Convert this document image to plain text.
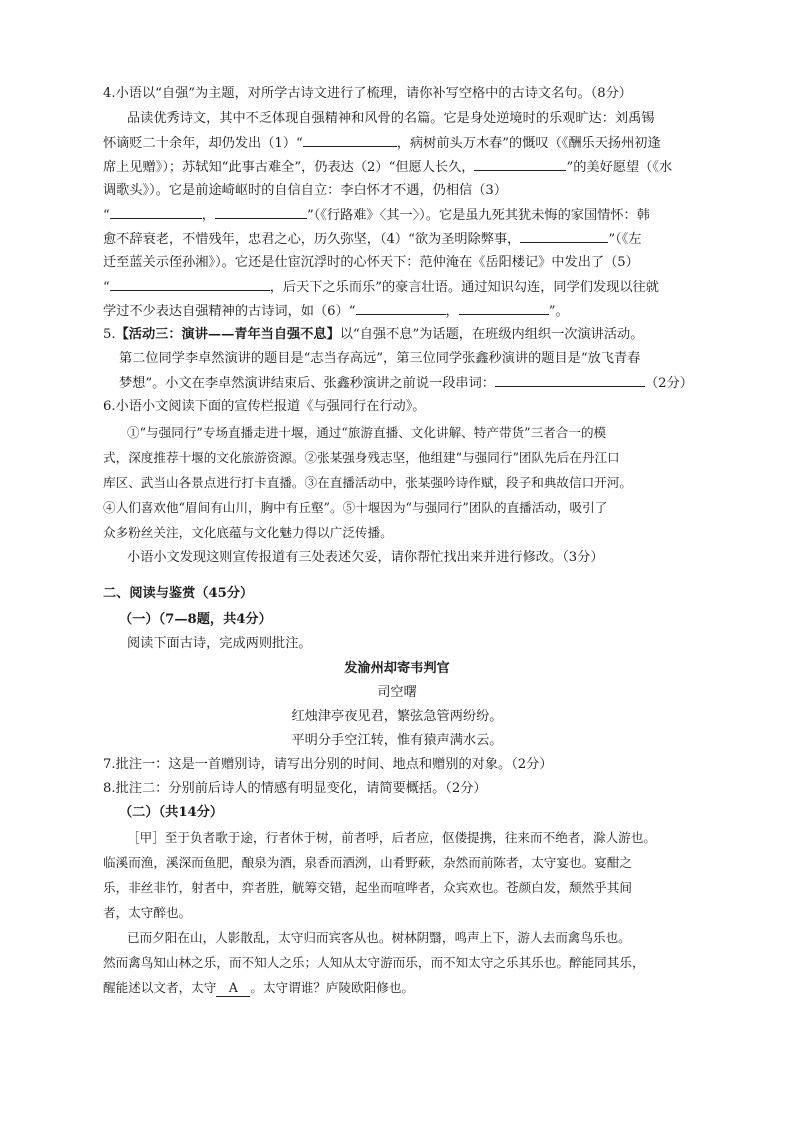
4.小语以“自强”为主题，对所学古诗文进行了梳理，请你补写空格中的古诗文名句。（8分）
品读优秀诗文，其中不乏体现自强精神和风骨的名篇。它是身处逆境时的乐观旷达：刘禹锡
怀谪贬二十余年，却仍发出（1）“	，病树前头万木春”的慨叹（《酬乐天扬州初逢
席上见赠》）；苏轼知“此事古难全”，仍表达（2）“但愿人长久，	”的美好愿望（《水
调歌头》）。它是前途崎岖时的自信自立：李白怀才不遇，仍相信（3）
“	，	”（《行路难》〈其一〉）。它是虽九死其犹未悔的家国情怀：韩
愈不辞衰老，不惜残年，忠君之心，历久弥坚，（4）“欲为圣明除弊事，	”（《左
迁至蓝关示侄孙湘》）。它还是仕宦沉浮时的心怀天下：范仲淹在《岳阳楼记》中发出了（5）
“	，后天下之乐而乐”的豪言壮语。通过知识勾连，同学们发现以往就
学过不少表达自强精神的古诗词，如（6）“	，	”。
5.【活动三：演讲——青年当自强不息】以“自强不息”为话题，在班级内组织一次演讲活动。
第二位同学李卓然演讲的题目是“志当存高远”，第三位同学张鑫秒演讲的题目是“放飞青春
梦想”。小文在李卓然演讲结束后、张鑫秒演讲之前说一段串词：	（2分）
6.小语小文阅读下面的宣传栏报道《与强同行在行动》。
①“与强同行”专场直播走进十堰，通过“旅游直播、文化讲解、特产带货”三者合一的模
式，深度推荐十堰的文化旅游资源。②张某强身残志坚，他组建“与强同行”团队先后在丹江口
库区、武当山各景点进行打卡直播。③在直播活动中，张某强吟诗作赋，段子和典故信口开河。
④人们喜欢他“眉间有山川，胸中有丘壑”。⑤十堰因为“与强同行”团队的直播活动，吸引了
众多粉丝关注，文化底蕴与文化魅力得以广泛传播。
小语小文发现这则宣传报道有三处表述欠妥，请你帮忙找出来并进行修改。（3分）
二、阅读与鉴赏（45分）
（一）（7—8题，共4分）
阅读下面古诗，完成两则批注。
发渝州却寄韦判官
司空曙
红烛津亭夜见君，繁弦急管两纷纷。
平明分手空江转，惟有猿声满水云。
7.批注一：这是一首赠别诗，请写出分别的时间、地点和赠别的对象。（2分）
8.批注二：分别前后诗人的情感有明显变化，请简要概括。（2分）
（二）（共14分）
［甲］至于负者歌于途，行者休于树，前者呼，后者应，伛偻提携，往来而不绝者，滁人游也。
临溪而渔，溪深而鱼肥，酿泉为酒，泉香而酒洌，山肴野蔌，杂然而前陈者，太守宴也。宴酣之
乐，非丝非竹，射者中，弈者胜，觥筹交错，起坐而喧哗者，众宾欢也。苍颜白发，颓然乎其间
者，太守醉也。
已而夕阳在山，人影散乱，太守归而宾客从也。树林阴翳，鸣声上下，游人去而禽鸟乐也。
然而禽鸟知山林之乐，而不知人之乐；人知从太守游而乐，而不知太守之乐其乐也。醉能同其乐，
醒能述以文者，太守 A 。太守谓谁？庐陵欧阳修也。
